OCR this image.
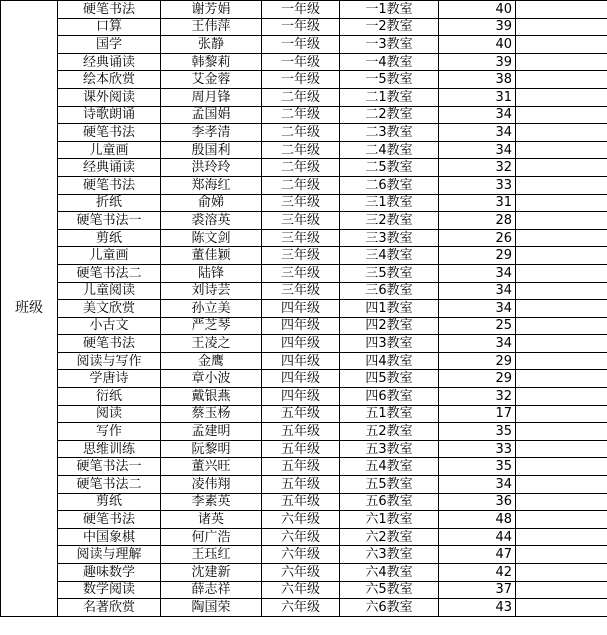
班级	硬笔书法	谢芳娟	一年级	一1教室	40	
	口算	王伟萍	一年级	一2教室	39	
	国学	张静	一年级	一3教室	40	
	经典诵读	韩黎莉	一年级	一4教室	39	
	绘本欣赏	艾金蓉	一年级	一5教室	38	
	课外阅读	周月锋	二年级	二1教室	31	
	诗歌朗诵	孟国娟	二年级	二2教室	34	
	硬笔书法	李孝清	二年级	二3教室	34	
	儿童画	殷国利	二年级	二4教室	34	
	经典诵读	洪玲玲	二年级	二5教室	32	
	硬笔书法	郑海红	二年级	二6教室	33	
	折纸	俞娣	三年级	三1教室	31	
	硬笔书法一	裘溶英	三年级	三2教室	28	
	剪纸	陈文剑	三年级	三3教室	26	
	儿童画	董佳颖	三年级	三4教室	29	
	硬笔书法二	陆锋	三年级	三5教室	34	
	儿童阅读	刘诗芸	三年级	三6教室	34	
	美文欣赏	孙立美	四年级	四1教室	34	
	小古文	严芝琴	四年级	四2教室	25	
	硬笔书法	王凌之	四年级	四3教室	34	
	阅读与写作	金鹰	四年级	四4教室	29	
	学唐诗	章小波	四年级	四5教室	29	
	衍纸	戴银燕	四年级	四6教室	32	
	阅读	蔡玉杨	五年级	五1教室	17	
	写作	孟建明	五年级	五2教室	35	
	思维训练	阮黎明	五年级	五3教室	33	
	硬笔书法一	董兴旺	五年级	五4教室	35	
	硬笔书法二	凌伟翔	五年级	五5教室	34	
	剪纸	李素英	五年级	五6教室	36	
	硬笔书法	诸英	六年级	六1教室	48	
	中国象棋	何广浩	六年级	六2教室	44	
	阅读与理解	王珏红	六年级	六3教室	47	
	趣味数学	沈建新	六年级	六4教室	42	
	数学阅读	薛志祥	六年级	六5教室	37	
	名著欣赏	陶国荣	六年级	六6教室	43	
